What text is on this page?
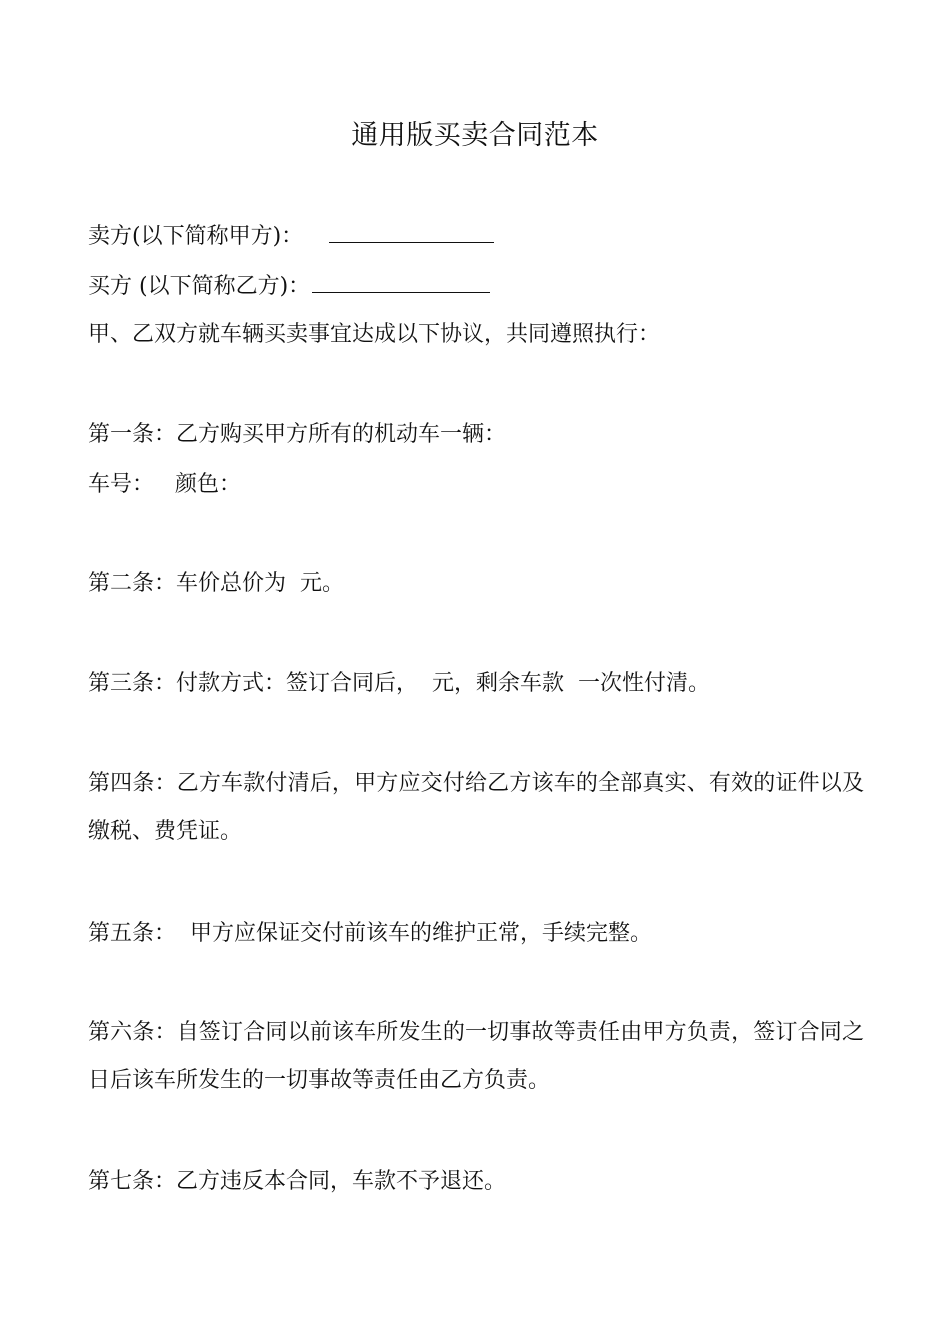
通用版买卖合同范本
卖方(以下简称甲方)：
买方 (以下简称乙方)：
甲、乙双方就车辆买卖事宜达成以下协议，共同遵照执行：
第一条：乙方购买甲方所有的机动车一辆：
车号：   颜色：
第二条：车价总价为  元。
第三条：付款方式：签订合同后，  元，剩余车款  一次性付清。
第四条：乙方车款付清后，甲方应交付给乙方该车的全部真实、有效的证件以及缴税、费凭证。
第五条：  甲方应保证交付前该车的维护正常，手续完整。
第六条：自签订合同以前该车所发生的一切事故等责任由甲方负责，签订合同之日后该车所发生的一切事故等责任由乙方负责。
第七条：乙方违反本合同，车款不予退还。
